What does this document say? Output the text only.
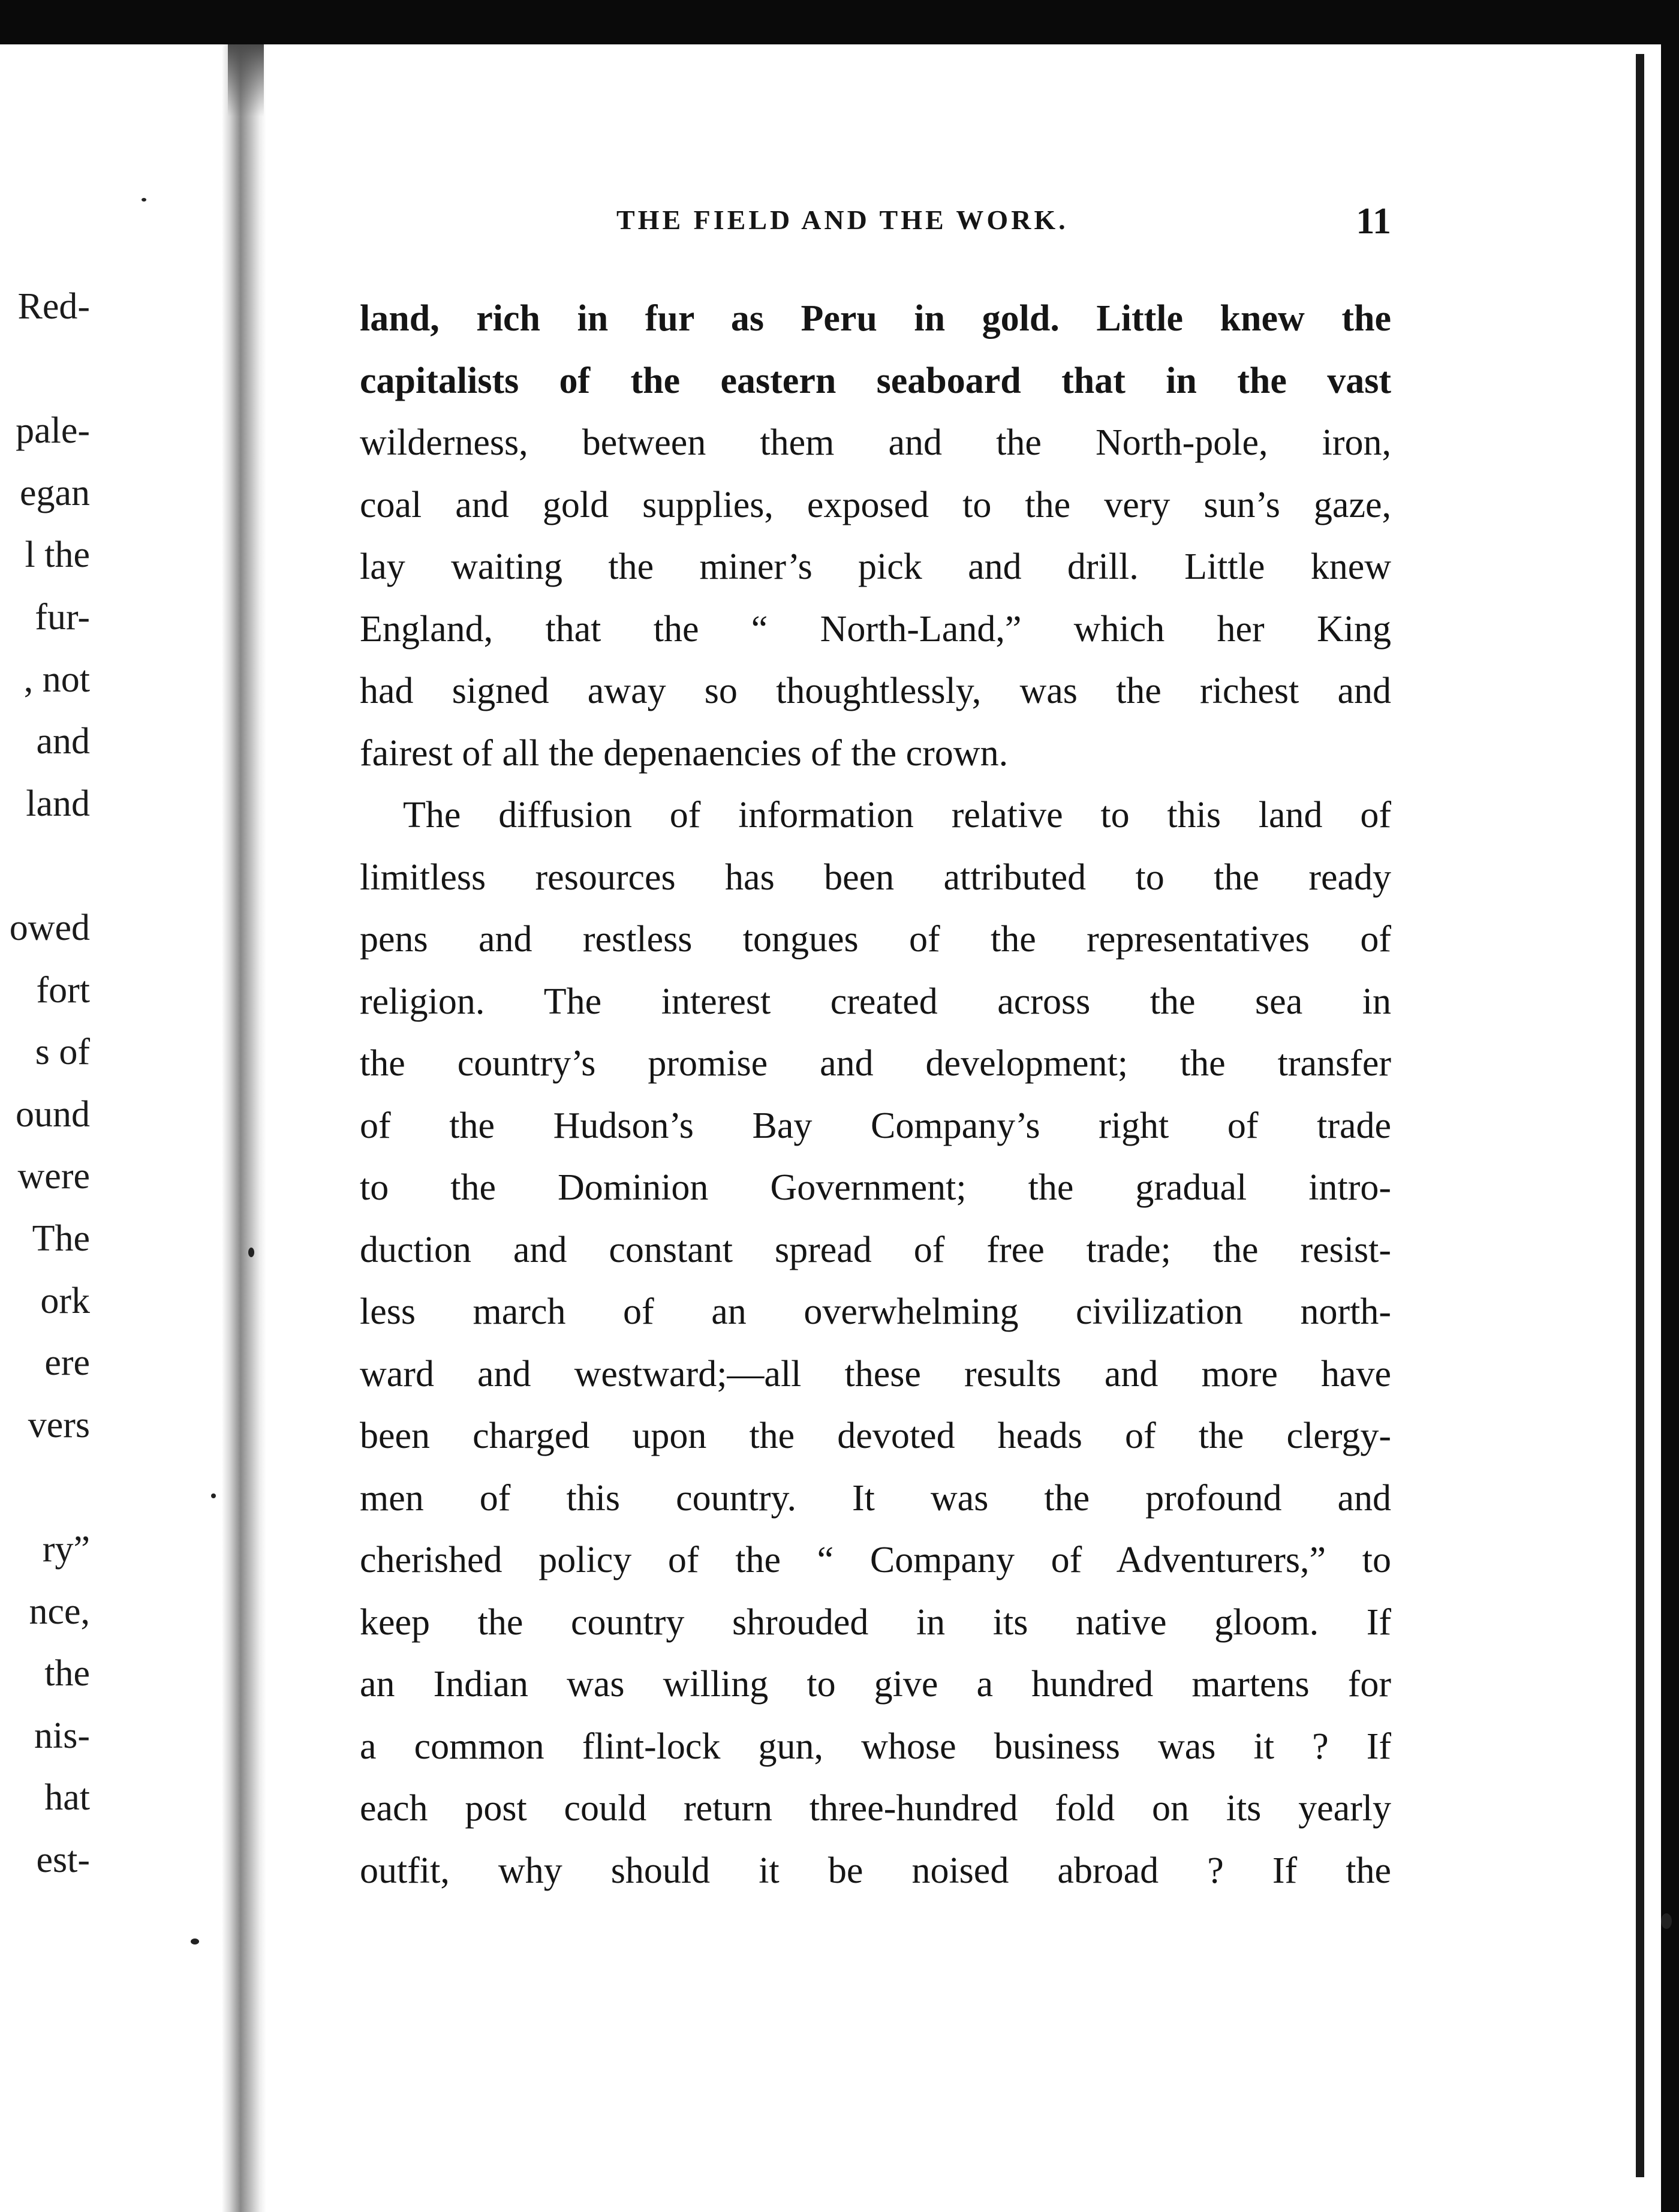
Red-
pale-
egan
l the
fur-
, not
and
land
owed
fort
s of
ound
were
The
ork
ere
vers
ry”
nce,
the
nis-
hat
est-
THE FIELD AND THE WORK.	11
land, rich in fur as Peru in gold. Little knew the
capitalists of the eastern seaboard that in the vast
wilderness, between them and the North-pole, iron,
coal and gold supplies, exposed to the very sun’s gaze,
lay waiting the miner’s pick and drill. Little knew
England, that the “ North-Land,” which her King
had signed away so thoughtlessly, was the richest and
fairest of all the depenaencies of the crown.
The diffusion of information relative to this land of
limitless resources has been attributed to the ready
pens and restless tongues of the representatives of
religion. The interest created across the sea in
the country’s promise and development; the transfer
of the Hudson’s Bay Company’s right of trade
to the Dominion Government; the gradual intro-
duction and constant spread of free trade; the resist-
less march of an overwhelming civilization north-
ward and westward;—all these results and more have
been charged upon the devoted heads of the clergy-
men of this country. It was the profound and
cherished policy of the “ Company of Adventurers,” to
keep the country shrouded in its native gloom. If
an Indian was willing to give a hundred martens for
a common flint-lock gun, whose business was it ? If
each post could return three-hundred fold on its yearly
outfit, why should it be noised abroad ? If the
